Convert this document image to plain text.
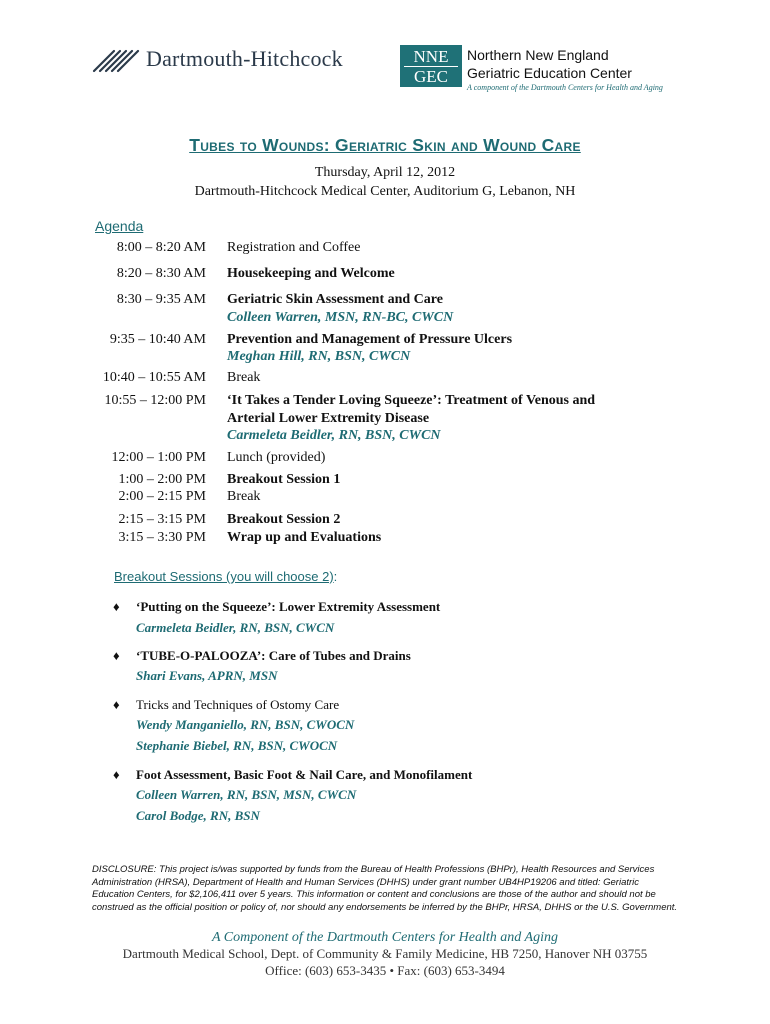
Dartmouth-Hitchcock	NNE
GEC
Northern New England
Geriatric Education Center
A component of the Dartmouth Centers for Health and Aging
Tubes to Wounds: Geriatric Skin and Wound Care
Thursday, April 12, 2012
Dartmouth-Hitchcock Medical Center, Auditorium G, Lebanon, NH
Agenda
8:00 – 8:20 AM Registration and Coffee
8:20 – 8:30 AM Housekeeping and Welcome
8:30 – 9:35 AM Geriatric Skin Assessment and Care
Colleen Warren, MSN, RN-BC, CWCN
9:35 – 10:40 AM Prevention and Management of Pressure Ulcers
Meghan Hill, RN, BSN, CWCN
10:40 – 10:55 AM Break
10:55 – 12:00 PM ‘It Takes a Tender Loving Squeeze’: Treatment of Venous and
Arterial Lower Extremity Disease
Carmeleta Beidler, RN, BSN, CWCN
12:00 – 1:00 PM Lunch (provided)
1:00 – 2:00 PM Breakout Session 1
2:00 – 2:15 PM Break
2:15 – 3:15 PM Breakout Session 2
3:15 – 3:30 PM Wrap up and Evaluations
Breakout Sessions (you will choose 2):
♦ ‘Putting on the Squeeze’: Lower Extremity Assessment
Carmeleta Beidler, RN, BSN, CWCN
♦ ‘TUBE-O-PALOOZA’: Care of Tubes and Drains
Shari Evans, APRN, MSN
♦ Tricks and Techniques of Ostomy Care
Wendy Manganiello, RN, BSN, CWOCN
Stephanie Biebel, RN, BSN, CWOCN
♦ Foot Assessment, Basic Foot & Nail Care, and Monofilament
Colleen Warren, RN, BSN, MSN, CWCN
Carol Bodge, RN, BSN
DISCLOSURE: This project is/was supported by funds from the Bureau of Health Professions (BHPr), Health Resources and Services Administration (HRSA), Department of Health and Human Services (DHHS) under grant number UB4HP19206 and titled: Geriatric Education Centers, for $2,106,411 over 5 years. This information or content and conclusions are those of the author and should not be construed as the official position or policy of, nor should any endorsements be inferred by the BHPr, HRSA, DHHS or the U.S. Government.
A Component of the Dartmouth Centers for Health and Aging
Dartmouth Medical School, Dept. of Community & Family Medicine, HB 7250, Hanover NH 03755
Office: (603) 653-3435 • Fax: (603) 653-3494
